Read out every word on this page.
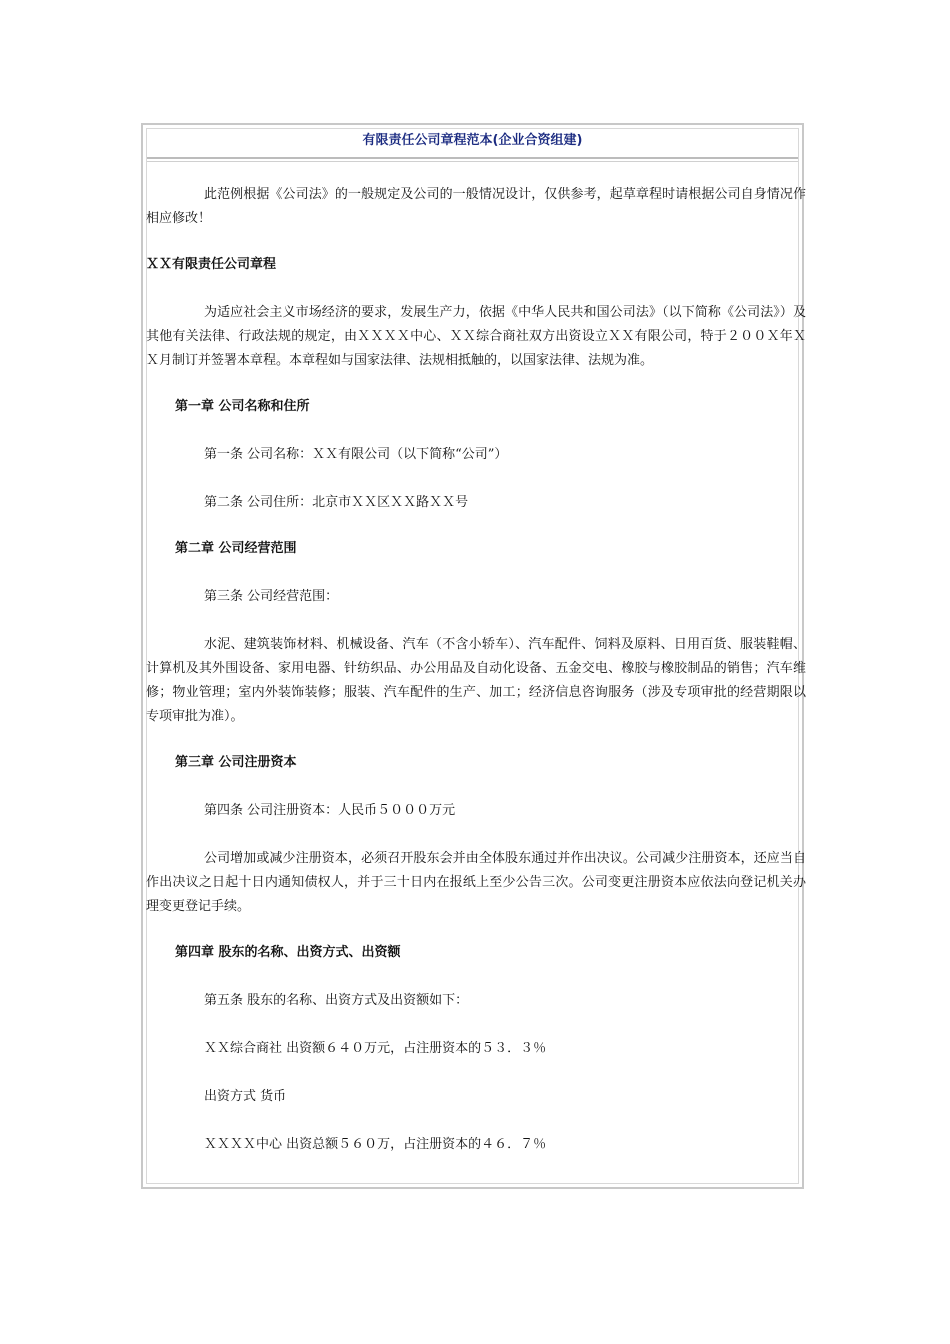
有限责任公司章程范本(企业合资组建)

此范例根据《公司法》的一般规定及公司的一般情况设计，仅供参考，起草章程时请根据公司自身情况作相应修改！

ＸＸ有限责任公司章程

为适应社会主义市场经济的要求，发展生产力，依据《中华人民共和国公司法》（以下简称《公司法》）及其他有关法律、行政法规的规定，由ＸＸＸＸ中心、ＸＸ综合商社双方出资设立ＸＸ有限公司，特于２００Ｘ年ＸＸ月制订并签署本章程。本章程如与国家法律、法规相抵触的，以国家法律、法规为准。

第一章 公司名称和住所

第一条 公司名称：ＸＸ有限公司（以下简称“公司”）

第二条 公司住所：北京市ＸＸ区ＸＸ路ＸＸ号

第二章 公司经营范围

第三条 公司经营范围：

水泥、建筑装饰材料、机械设备、汽车（不含小轿车）、汽车配件、饲料及原料、日用百货、服装鞋帽、计算机及其外围设备、家用电器、针纺织品、办公用品及自动化设备、五金交电、橡胶与橡胶制品的销售；汽车维修；物业管理；室内外装饰装修；服装、汽车配件的生产、加工；经济信息咨询服务（涉及专项审批的经营期限以专项审批为准）。

第三章 公司注册资本

第四条 公司注册资本：人民币５０００万元

公司增加或减少注册资本，必须召开股东会并由全体股东通过并作出决议。公司减少注册资本，还应当自作出决议之日起十日内通知债权人，并于三十日内在报纸上至少公告三次。公司变更注册资本应依法向登记机关办理变更登记手续。

第四章 股东的名称、出资方式、出资额

第五条 股东的名称、出资方式及出资额如下：

ＸＸ综合商社 出资额６４０万元，占注册资本的５３．３％

出资方式 货币

ＸＸＸＸ中心 出资总额５６０万，占注册资本的４６．７％
